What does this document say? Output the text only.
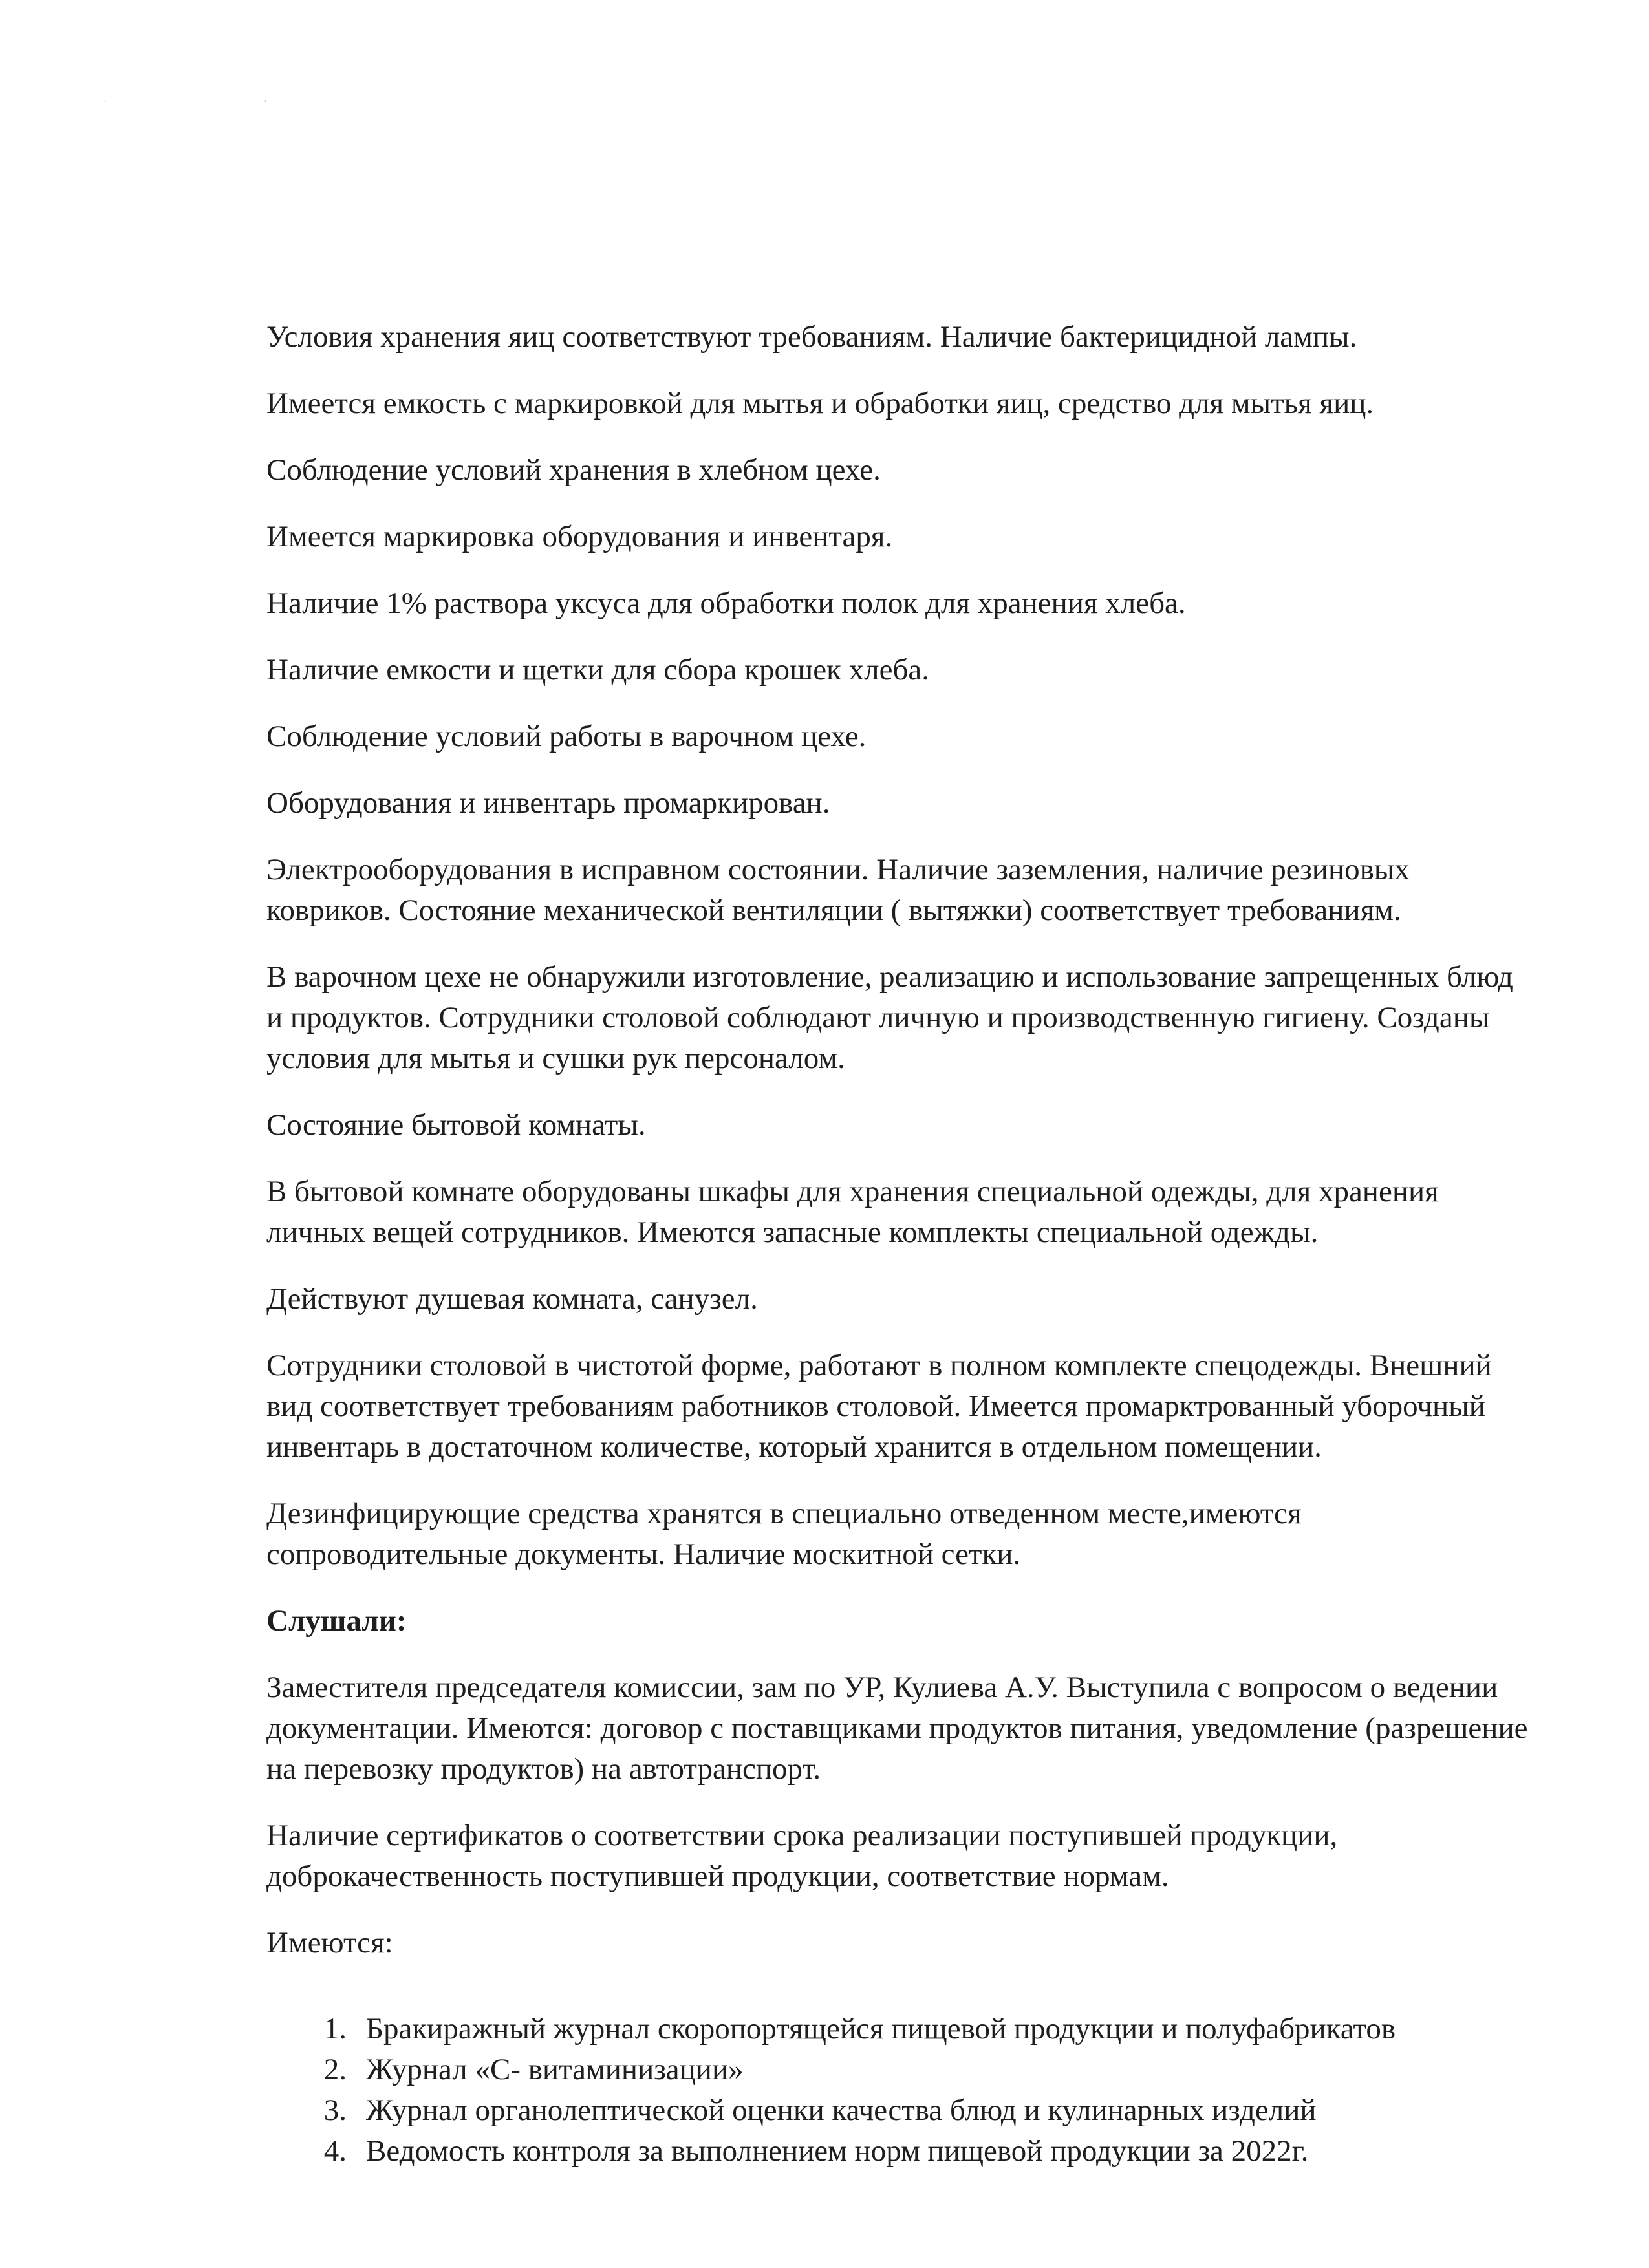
· ·

Условия хранения яиц соответствуют требованиям. Наличие бактерицидной лампы.

Имеется емкость с маркировкой для мытья и обработки яиц, средство для мытья яиц.

Соблюдение условий хранения в хлебном цехе.

Имеется маркировка оборудования и инвентаря.

Наличие 1% раствора уксуса для обработки полок для хранения хлеба.

Наличие емкости и щетки для сбора крошек хлеба.

Соблюдение условий работы в варочном цехе.

Оборудования и инвентарь промаркирован.

Электрооборудования в исправном состоянии. Наличие заземления, наличие резиновых ковриков. Состояние механической вентиляции ( вытяжки) соответствует требованиям.

В варочном цехе не обнаружили изготовление, реализацию и использование запрещенных блюд и продуктов. Сотрудники столовой соблюдают личную и производственную гигиену. Созданы условия для мытья и сушки рук персоналом.

Состояние бытовой комнаты.

В бытовой комнате оборудованы шкафы для хранения специальной одежды, для хранения личных вещей сотрудников. Имеются запасные комплекты специальной одежды.

Действуют душевая комната, санузел.

Сотрудники столовой в чистотой форме, работают в полном комплекте спецодежды. Внешний вид соответствует требованиям работников столовой. Имеется промарктрованный уборочный инвентарь в достаточном количестве, который хранится в отдельном помещении.

Дезинфицирующие средства хранятся в специально отведенном месте,имеются сопроводительные документы. Наличие москитной сетки.

Слушали:

Заместителя председателя комиссии, зам по УР, Кулиева А.У. Выступила с вопросом о ведении документации. Имеются: договор с поставщиками продуктов питания, уведомление (разрешение на перевозку продуктов) на автотранспорт.

Наличие сертификатов о соответствии срока реализации поступившей продукции, доброкачественность поступившей продукции, соответствие нормам.

Имеются:

1. Бракиражный журнал скоропортящейся пищевой продукции и полуфабрикатов
2. Журнал «С- витаминизации»
3. Журнал органолептической оценки качества блюд и кулинарных изделий
4. Ведомость контроля за выполнением норм пищевой продукции за 2022г.
